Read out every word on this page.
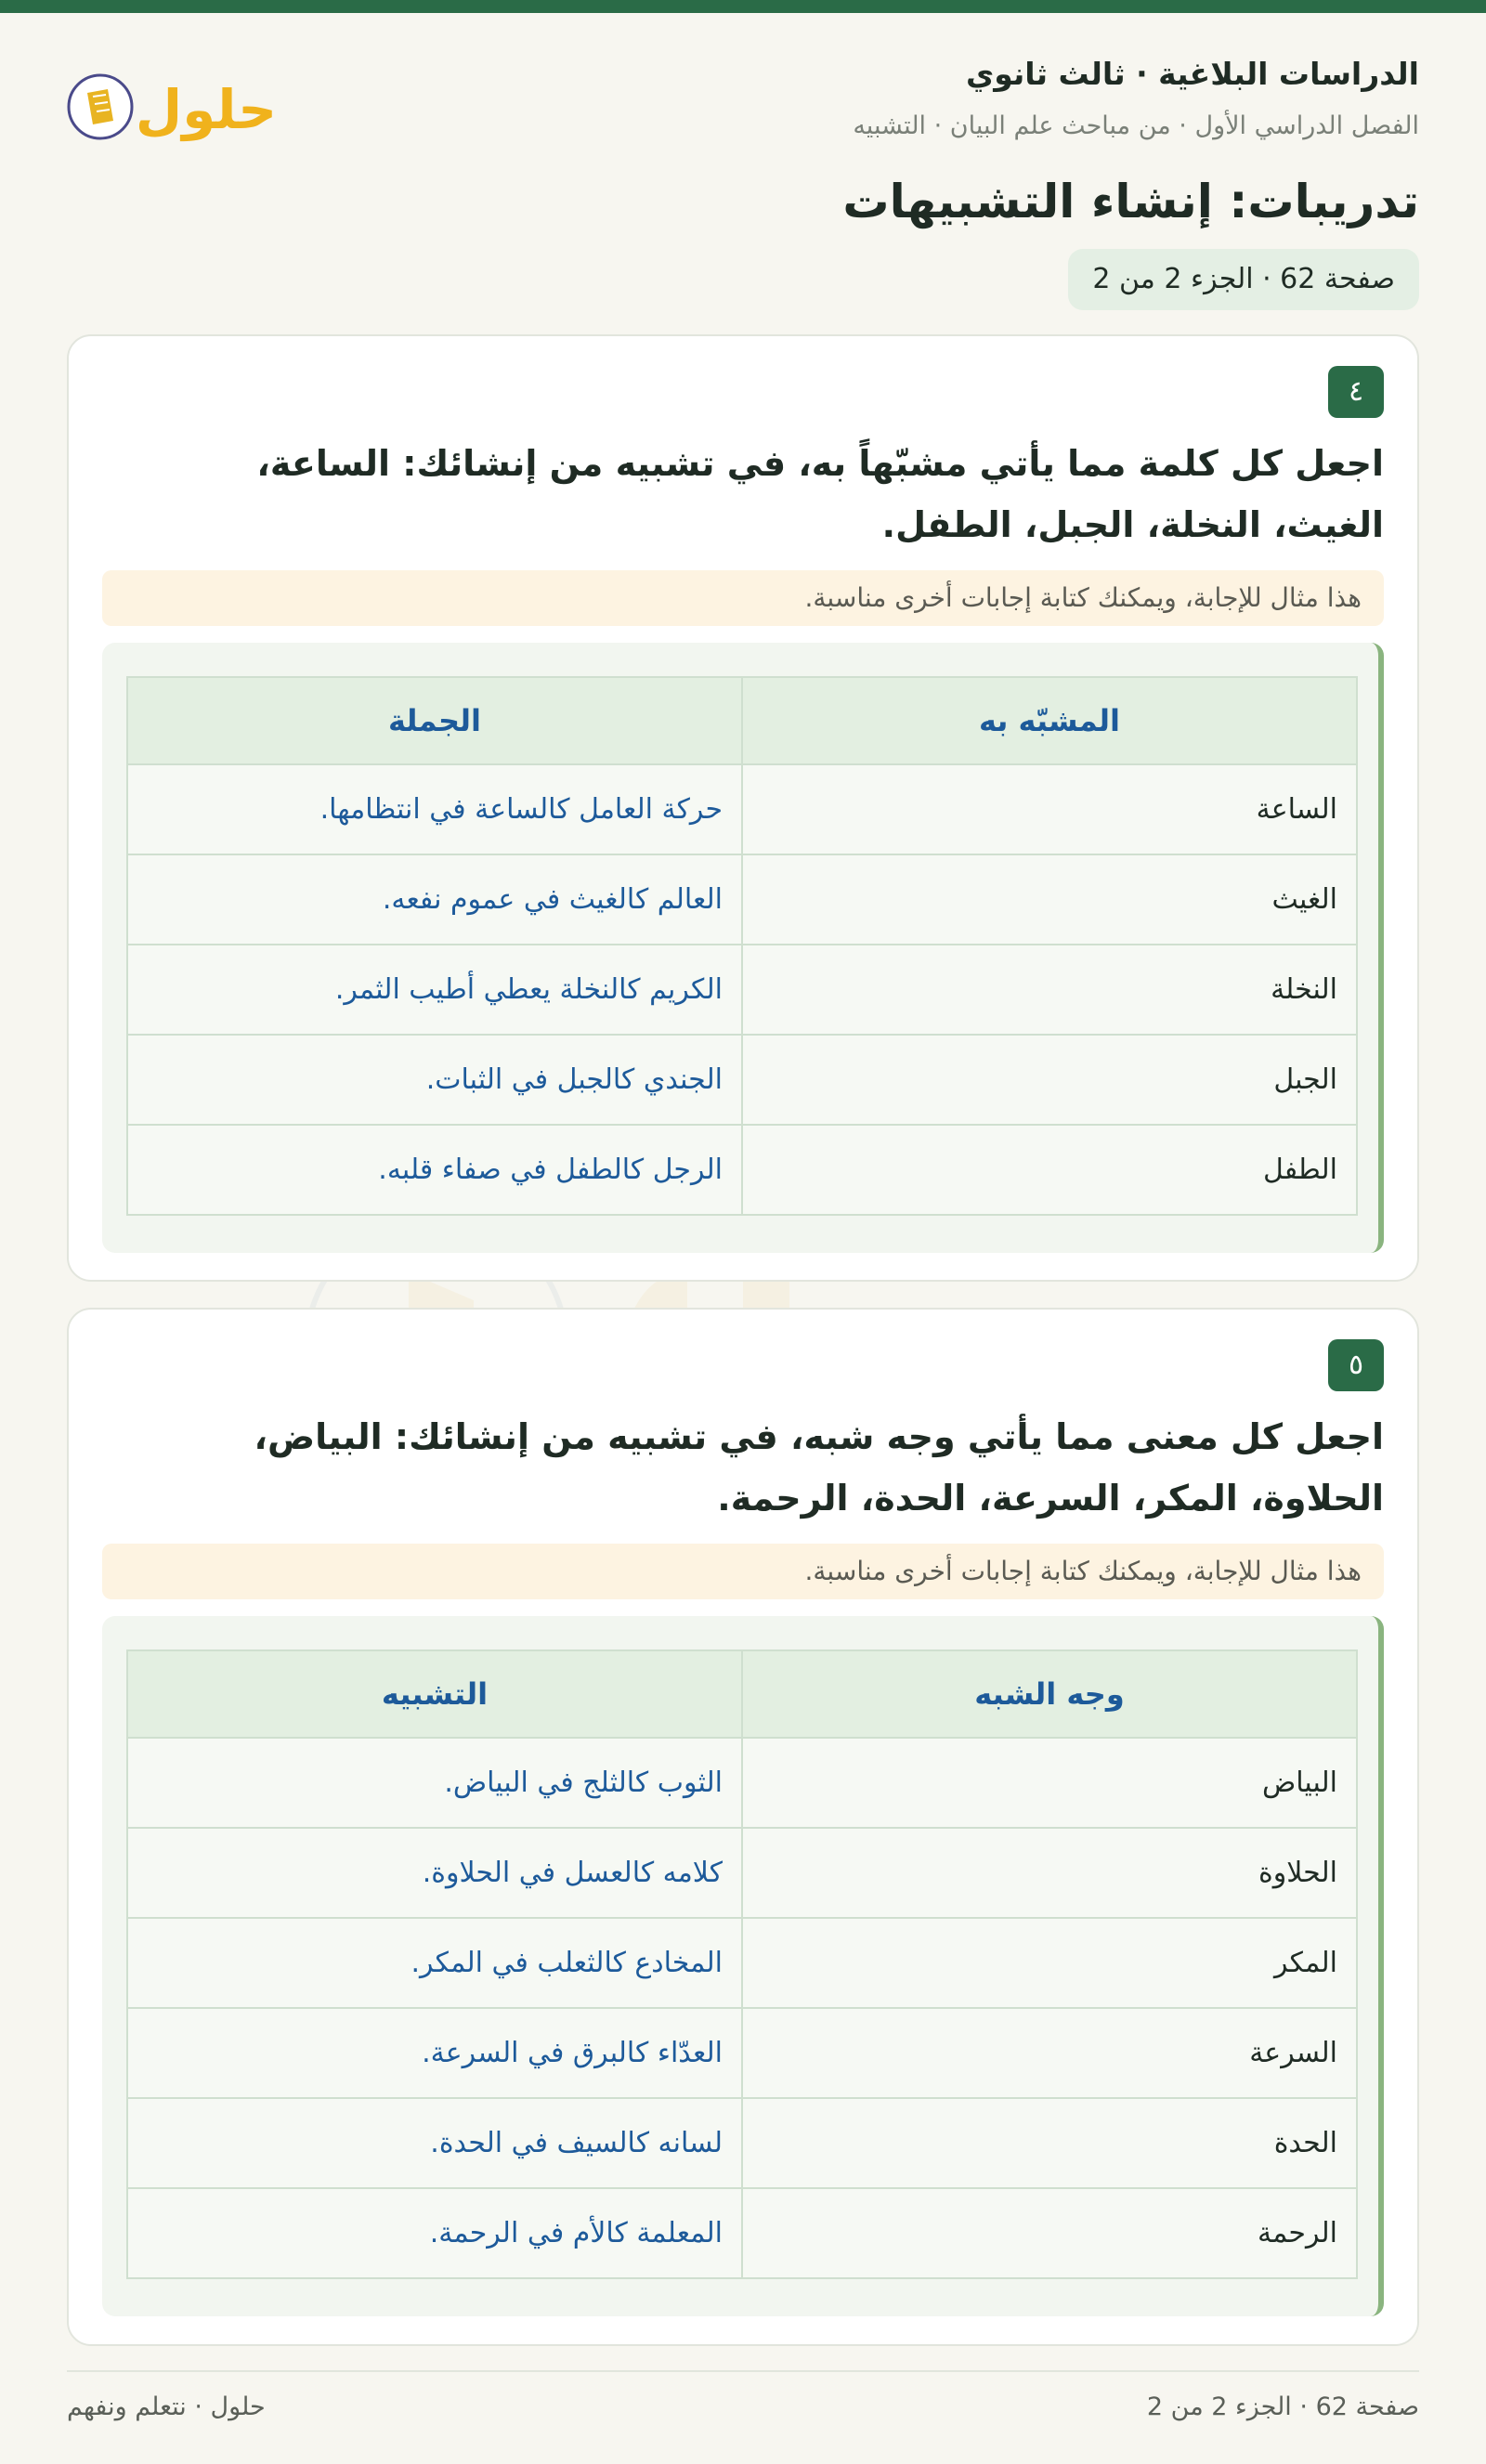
الدراسات البلاغية · ثالث ثانوي
الفصل الدراسي الأول · من مباحث علم البيان · التشبيه
حلول
تدريبات: إنشاء التشبيهات
صفحة 62 · الجزء 2 من 2
٤
اجعل كل كلمة مما يأتي مشبّهاً به، في تشبيه من إنشائك: الساعة، الغيث، النخلة، الجبل، الطفل.
هذا مثال للإجابة، ويمكنك كتابة إجابات أخرى مناسبة.
المشبّه به	الجملة
الساعة	حركة العامل كالساعة في انتظامها.
الغيث	العالم كالغيث في عموم نفعه.
النخلة	الكريم كالنخلة يعطي أطيب الثمر.
الجبل	الجندي كالجبل في الثبات.
الطفل	الرجل كالطفل في صفاء قلبه.
٥
اجعل كل معنى مما يأتي وجه شبه، في تشبيه من إنشائك: البياض، الحلاوة، المكر، السرعة، الحدة، الرحمة.
هذا مثال للإجابة، ويمكنك كتابة إجابات أخرى مناسبة.
وجه الشبه	التشبيه
البياض	الثوب كالثلج في البياض.
الحلاوة	كلامه كالعسل في الحلاوة.
المكر	المخادع كالثعلب في المكر.
السرعة	العدّاء كالبرق في السرعة.
الحدة	لسانه كالسيف في الحدة.
الرحمة	المعلمة كالأم في الرحمة.
صفحة 62 · الجزء 2 من 2
حلول · نتعلم ونفهم
